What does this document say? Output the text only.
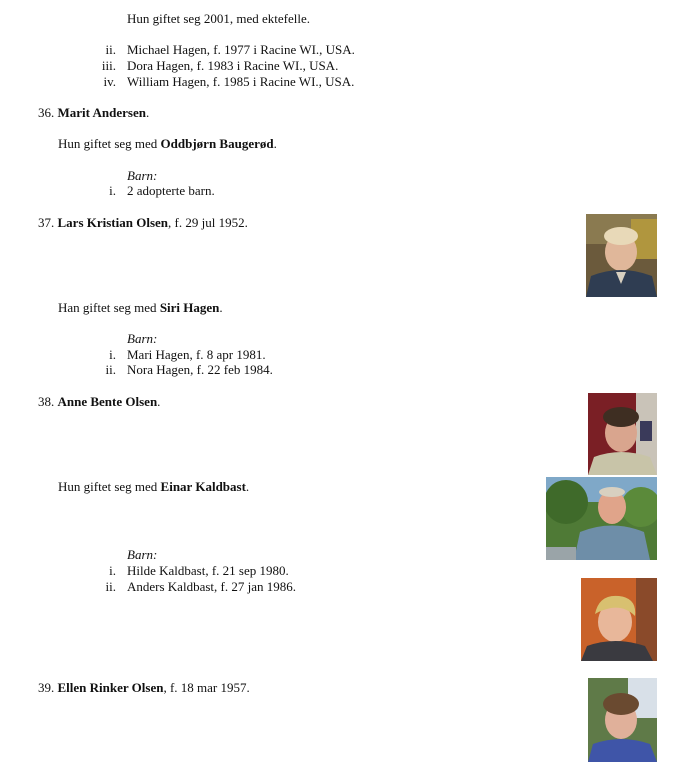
Hun giftet seg 2001, med ektefelle.
ii. Michael Hagen, f. 1977 i Racine WI., USA.
iii. Dora Hagen, f. 1983 i Racine WI., USA.
iv. William Hagen, f. 1985 i Racine WI., USA.
36. Marit Andersen.
Hun giftet seg med Oddbjørn Baugerød.
Barn:
i. 2 adopterte barn.
37. Lars Kristian Olsen, f. 29 jul 1952.
Han giftet seg med Siri Hagen.
Barn:
i. Mari Hagen, f. 8 apr 1981.
ii. Nora Hagen, f. 22 feb 1984.
38. Anne Bente Olsen.
Hun giftet seg med Einar Kaldbast.
Barn:
i. Hilde Kaldbast, f. 21 sep 1980.
ii. Anders Kaldbast, f. 27 jan 1986.
39. Ellen Rinker Olsen, f. 18 mar 1957.
